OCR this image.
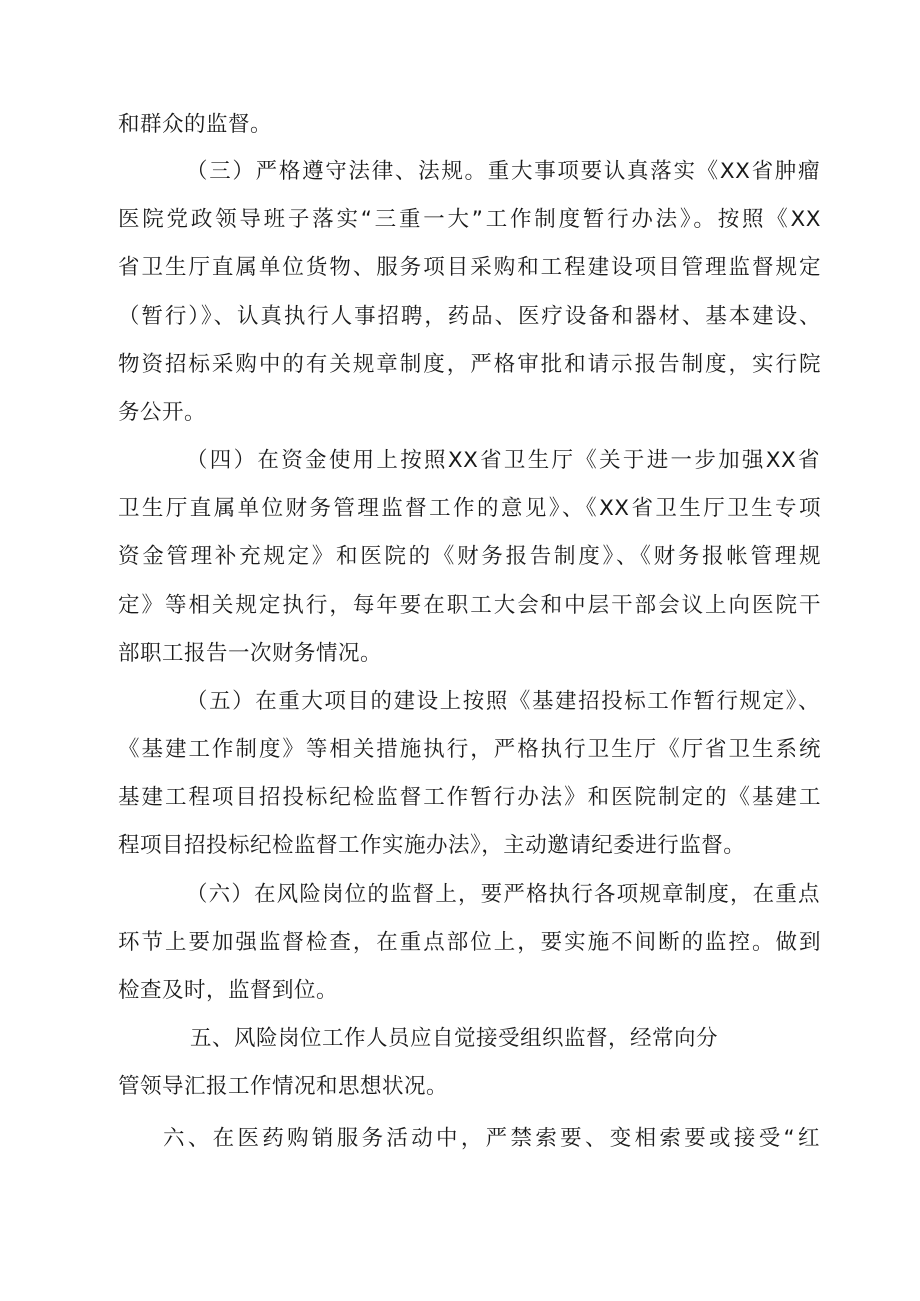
和群众的监督。

（三）严格遵守法律、法规。重大事项要认真落实《XX省肿瘤

医院党政领导班子落实“三重一大”工作制度暂行办法》。按照《XX

省卫生厅直属单位货物、服务项目采购和工程建设项目管理监督规定

（暂行）》、认真执行人事招聘，药品、医疗设备和器材、基本建设、

物资招标采购中的有关规章制度，严格审批和请示报告制度，实行院

务公开。

（四）在资金使用上按照XX省卫生厅《关于进一步加强XX省

卫生厅直属单位财务管理监督工作的意见》、《XX省卫生厅卫生专项

资金管理补充规定》和医院的《财务报告制度》、《财务报帐管理规

定》等相关规定执行，每年要在职工大会和中层干部会议上向医院干

部职工报告一次财务情况。

（五）在重大项目的建设上按照《基建招投标工作暂行规定》、

《基建工作制度》等相关措施执行，严格执行卫生厅《厅省卫生系统

基建工程项目招投标纪检监督工作暂行办法》和医院制定的《基建工

程项目招投标纪检监督工作实施办法》，主动邀请纪委进行监督。

（六）在风险岗位的监督上，要严格执行各项规章制度，在重点

环节上要加强监督检查，在重点部位上，要实施不间断的监控。做到

检查及时，监督到位。

五、风险岗位工作人员应自觉接受组织监督，经常向分

管领导汇报工作情况和思想状况。

六、在医药购销服务活动中，严禁索要、变相索要或接受“红
